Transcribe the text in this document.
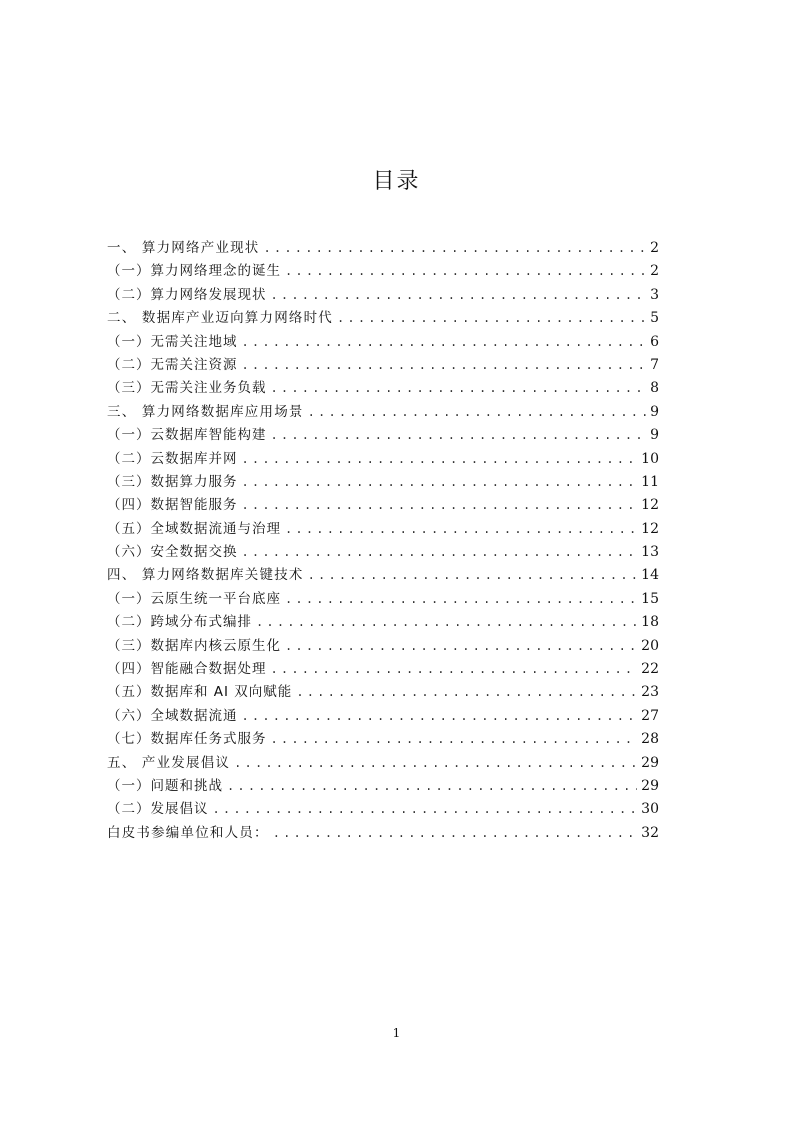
目录
一、 算力网络产业现状 .....	2
（一）算力网络理念的诞生 .....	2
（二）算力网络发展现状 .....	3
二、 数据库产业迈向算力网络时代 .....	5
（一）无需关注地域 .....	6
（二）无需关注资源 .....	7
（三）无需关注业务负载 .....	8
三、 算力网络数据库应用场景 .....	9
（一）云数据库智能构建 .....	9
（二）云数据库并网 .....	10
（三）数据算力服务 .....	11
（四）数据智能服务 .....	12
（五）全域数据流通与治理 .....	12
（六）安全数据交换 .....	13
四、 算力网络数据库关键技术 .....	14
（一）云原生统一平台底座 .....	15
（二）跨域分布式编排 .....	18
（三）数据库内核云原生化 .....	20
（四）智能融合数据处理 .....	22
（五）数据库和 AI 双向赋能 .....	23
（六）全域数据流通 .....	27
（七）数据库任务式服务 .....	28
五、 产业发展倡议 .....	29
（一）问题和挑战 .....	29
（二）发展倡议 .....	30
白皮书参编单位和人员： .....	32
1
